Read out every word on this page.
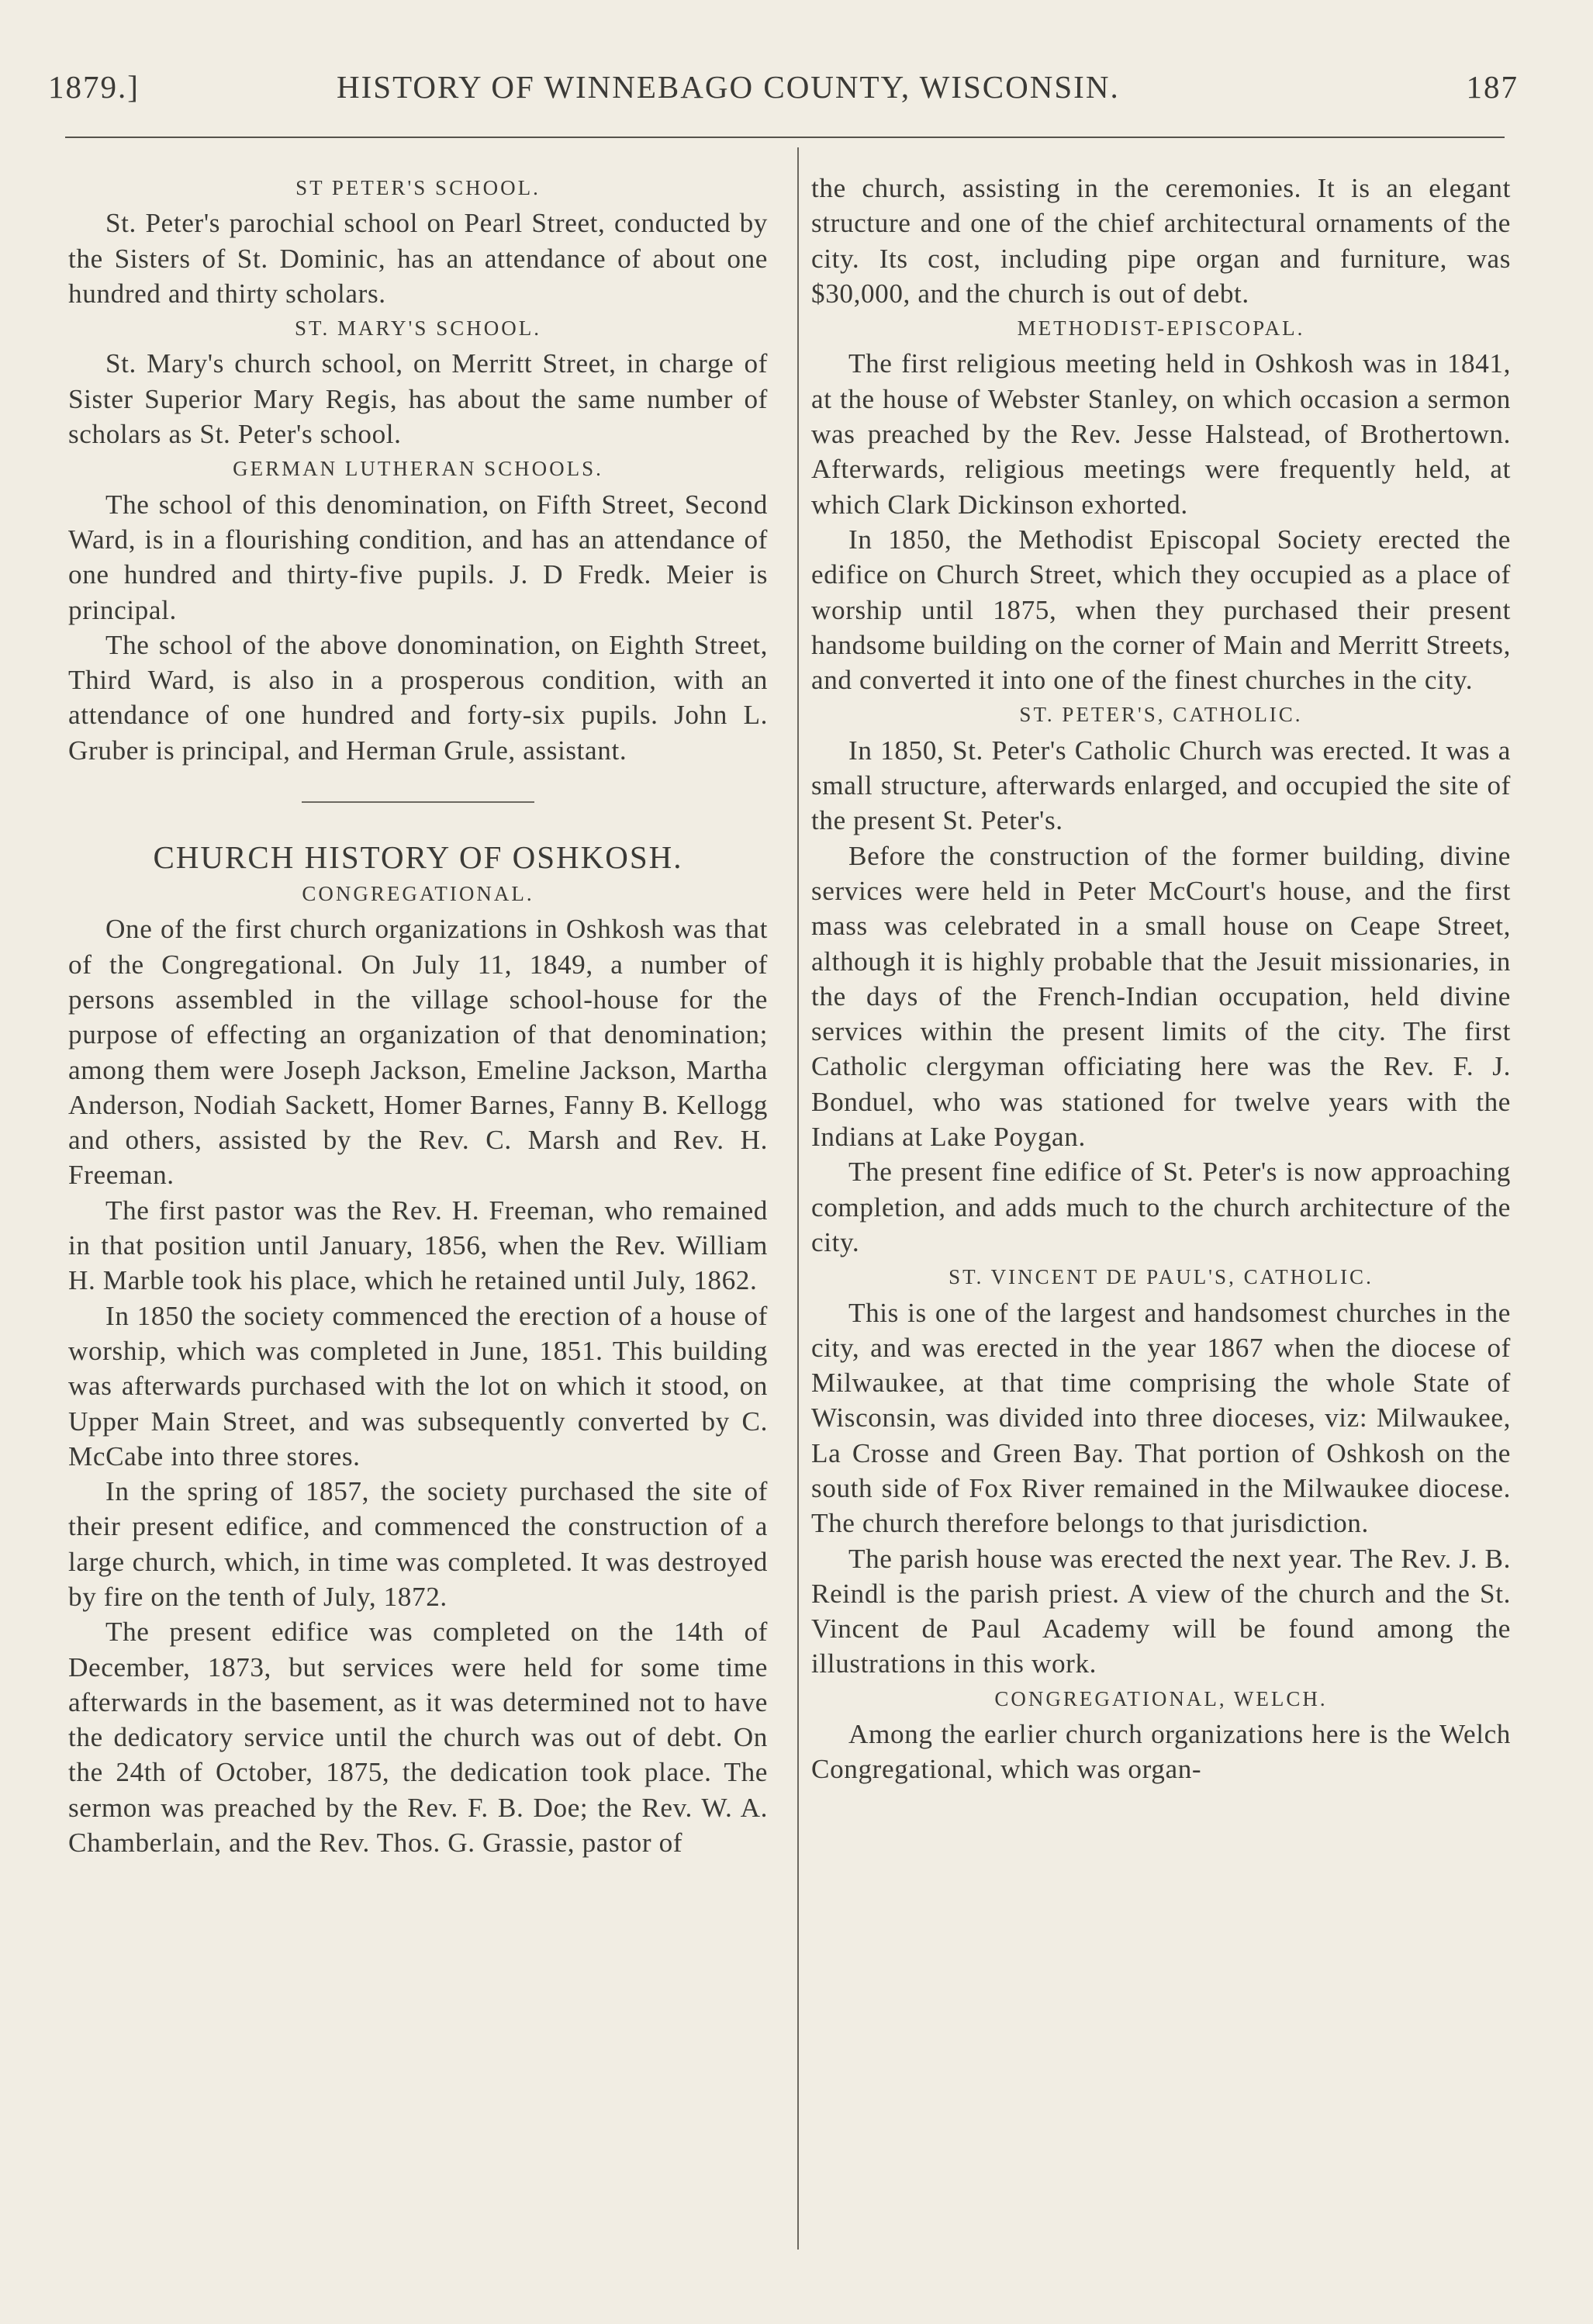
1879.]	HISTORY OF WINNEBAGO COUNTY, WISCONSIN.	187
ST PETER'S SCHOOL.

St. Peter's parochial school on Pearl Street, conducted by the Sisters of St. Dominic, has an attendance of about one hundred and thirty scholars.

ST. MARY'S SCHOOL.

St. Mary's church school, on Merritt Street, in charge of Sister Superior Mary Regis, has about the same number of scholars as St. Peter's school.

GERMAN LUTHERAN SCHOOLS.

The school of this denomination, on Fifth Street, Second Ward, is in a flourishing condition, and has an attendance of one hundred and thirty-five pupils. J. D Fredk. Meier is principal.

The school of the above donomination, on Eighth Street, Third Ward, is also in a prosperous condition, with an attendance of one hundred and forty-six pupils. John L. Gruber is principal, and Herman Grule, assistant.

CHURCH HISTORY OF OSHKOSH.
CONGREGATIONAL.

One of the first church organizations in Oshkosh was that of the Congregational. On July 11, 1849, a number of persons assembled in the village school-house for the purpose of effecting an organization of that denomination; among them were Joseph Jackson, Emeline Jackson, Martha Anderson, Nodiah Sackett, Homer Barnes, Fanny B. Kellogg and others, assisted by the Rev. C. Marsh and Rev. H. Freeman.

The first pastor was the Rev. H. Freeman, who remained in that position until January, 1856, when the Rev. William H. Marble took his place, which he retained until July, 1862.

In 1850 the society commenced the erection of a house of worship, which was completed in June, 1851. This building was afterwards purchased with the lot on which it stood, on Upper Main Street, and was subsequently converted by C. McCabe into three stores.

In the spring of 1857, the society purchased the site of their present edifice, and commenced the construction of a large church, which, in time was completed. It was destroyed by fire on the tenth of July, 1872.

The present edifice was completed on the 14th of December, 1873, but services were held for some time afterwards in the basement, as it was determined not to have the dedicatory service until the church was out of debt. On the 24th of October, 1875, the dedication took place. The sermon was preached by the Rev. F. B. Doe; the Rev. W. A. Chamberlain, and the Rev. Thos. G. Grassie, pastor of

the church, assisting in the ceremonies. It is an elegant structure and one of the chief architectural ornaments of the city. Its cost, including pipe organ and furniture, was $30,000, and the church is out of debt.

METHODIST-EPISCOPAL.

The first religious meeting held in Oshkosh was in 1841, at the house of Webster Stanley, on which occasion a sermon was preached by the Rev. Jesse Halstead, of Brothertown. Afterwards, religious meetings were frequently held, at which Clark Dickinson exhorted.

In 1850, the Methodist Episcopal Society erected the edifice on Church Street, which they occupied as a place of worship until 1875, when they purchased their present handsome building on the corner of Main and Merritt Streets, and converted it into one of the finest churches in the city.

ST. PETER'S, CATHOLIC.

In 1850, St. Peter's Catholic Church was erected. It was a small structure, afterwards enlarged, and occupied the site of the present St. Peter's.

Before the construction of the former building, divine services were held in Peter McCourt's house, and the first mass was celebrated in a small house on Ceape Street, although it is highly probable that the Jesuit missionaries, in the days of the French-Indian occupation, held divine services within the present limits of the city. The first Catholic clergyman officiating here was the Rev. F. J. Bonduel, who was stationed for twelve years with the Indians at Lake Poygan.

The present fine edifice of St. Peter's is now approaching completion, and adds much to the church architecture of the city.

ST. VINCENT DE PAUL'S, CATHOLIC.

This is one of the largest and handsomest churches in the city, and was erected in the year 1867 when the diocese of Milwaukee, at that time comprising the whole State of Wisconsin, was divided into three dioceses, viz: Milwaukee, La Crosse and Green Bay. That portion of Oshkosh on the south side of Fox River remained in the Milwaukee diocese. The church therefore belongs to that jurisdiction.

The parish house was erected the next year. The Rev. J. B. Reindl is the parish priest. A view of the church and the St. Vincent de Paul Academy will be found among the illustrations in this work.

CONGREGATIONAL, WELCH.

Among the earlier church organizations here is the Welch Congregational, which was organ-
